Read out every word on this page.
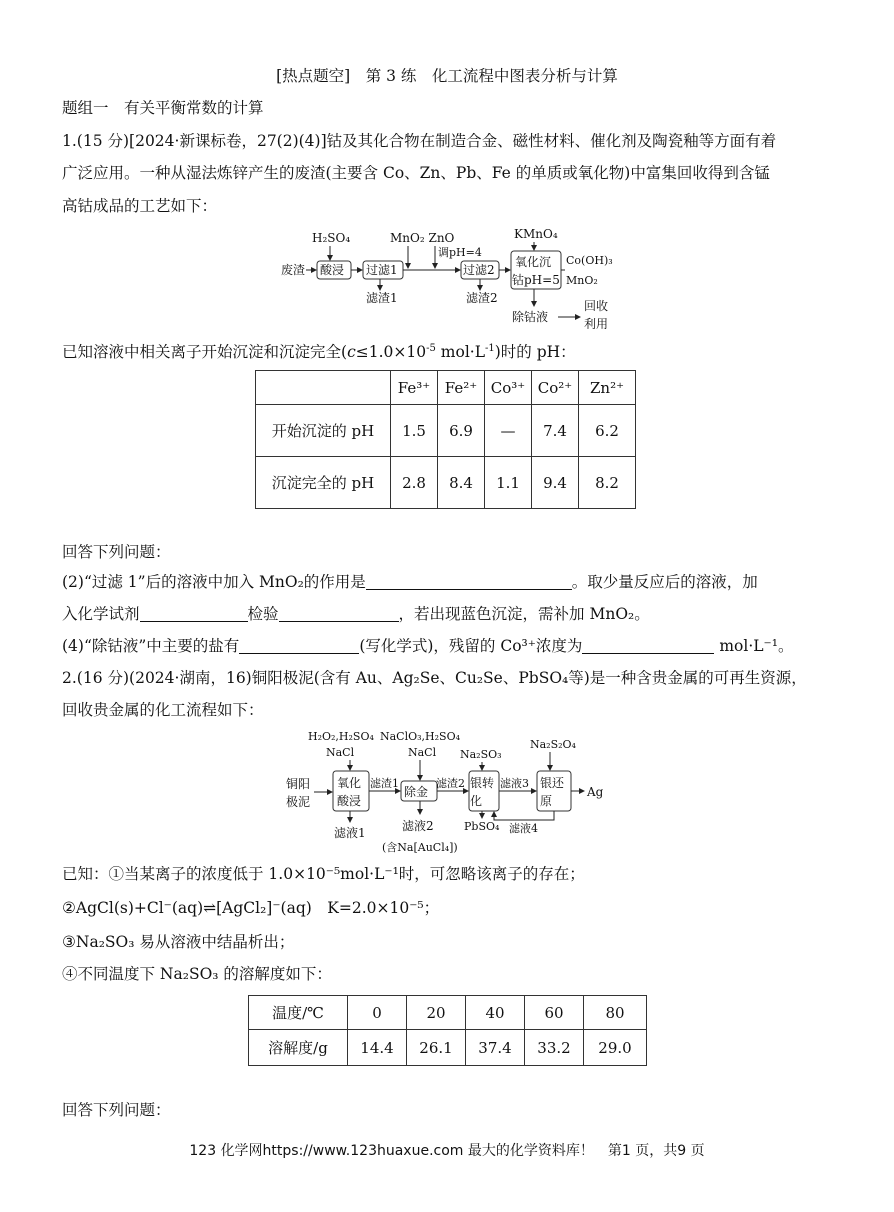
[热点题空]　第 3 练　化工流程中图表分析与计算
题组一　有关平衡常数的计算
1.(15 分)[2024·新课标卷，27(2)(4)]钴及其化合物在制造合金、磁性材料、催化剂及陶瓷釉等方面有着
广泛应用。一种从湿法炼锌产生的废渣(主要含 Co、Zn、Pb、Fe 的单质或氧化物)中富集回收得到含锰
高钴成品的工艺如下：
H₂SO₄
废渣 酸浸 过滤1
滤渣1
MnO₂ ZnO
调pH=4
过滤2
滤渣2
KMnO₄
氧化沉
钴pH=5
Co(OH)₃
MnO₂
除钴液
回收
利用
已知溶液中相关离子开始沉淀和沉淀完全($c\le 1.0\times 10^{-5}$ $mol\cdot L^{-1}$)时的 pH：
	Fe³⁺	Fe²⁺	Co³⁺	Co²⁺	Zn²⁺
开始沉淀的 pH	1.5	6.9	—	7.4	6.2
沉淀完全的 pH	2.8	8.4	1.1	9.4	8.2
回答下列问题：
(2)“过滤 1”后的溶液中加入 MnO₂的作用是	。取少量反应后的溶液，加
入化学试剂	检验	，若出现蓝色沉淀，需补加 MnO₂。
(4)“除钴液”中主要的盐有	(写化学式)，残留的 Co³⁺浓度为	mol·L⁻¹。
2.(16 分)(2024·湖南，16)铜阳极泥(含有 Au、Ag₂Se、Cu₂Se、PbSO₄等)是一种含贵金属的可再生资源，
回收贵金属的化工流程如下：
H₂O₂,H₂SO₄
NaCl
NaClO₃,H₂SO₄
NaCl Na₂SO₃
Na₂S₂O₄
铜阳
极泥
氧化
酸浸
滤液1
滤渣1
除金
滤液2
(含Na[AuCl₄])
滤渣2 银转
化
PbSO₄
滤液3 银还
原
Ag
滤液4
已知：①当某离子的浓度低于 1.0×10⁻⁵mol·L⁻¹时，可忽略该离子的存在；
②AgCl(s)+Cl⁻(aq)⇌[AgCl₂]⁻(aq)　K=2.0×10⁻⁵；
③Na₂SO₃ 易从溶液中结晶析出；
④不同温度下 Na₂SO₃ 的溶解度如下：
温度/℃	0	20	40	60	80
溶解度/g	14.4	26.1	37.4	33.2	29.0
回答下列问题：
123 化学网https://www.123huaxue.com 最大的化学资料库！　第1 页，共9 页
